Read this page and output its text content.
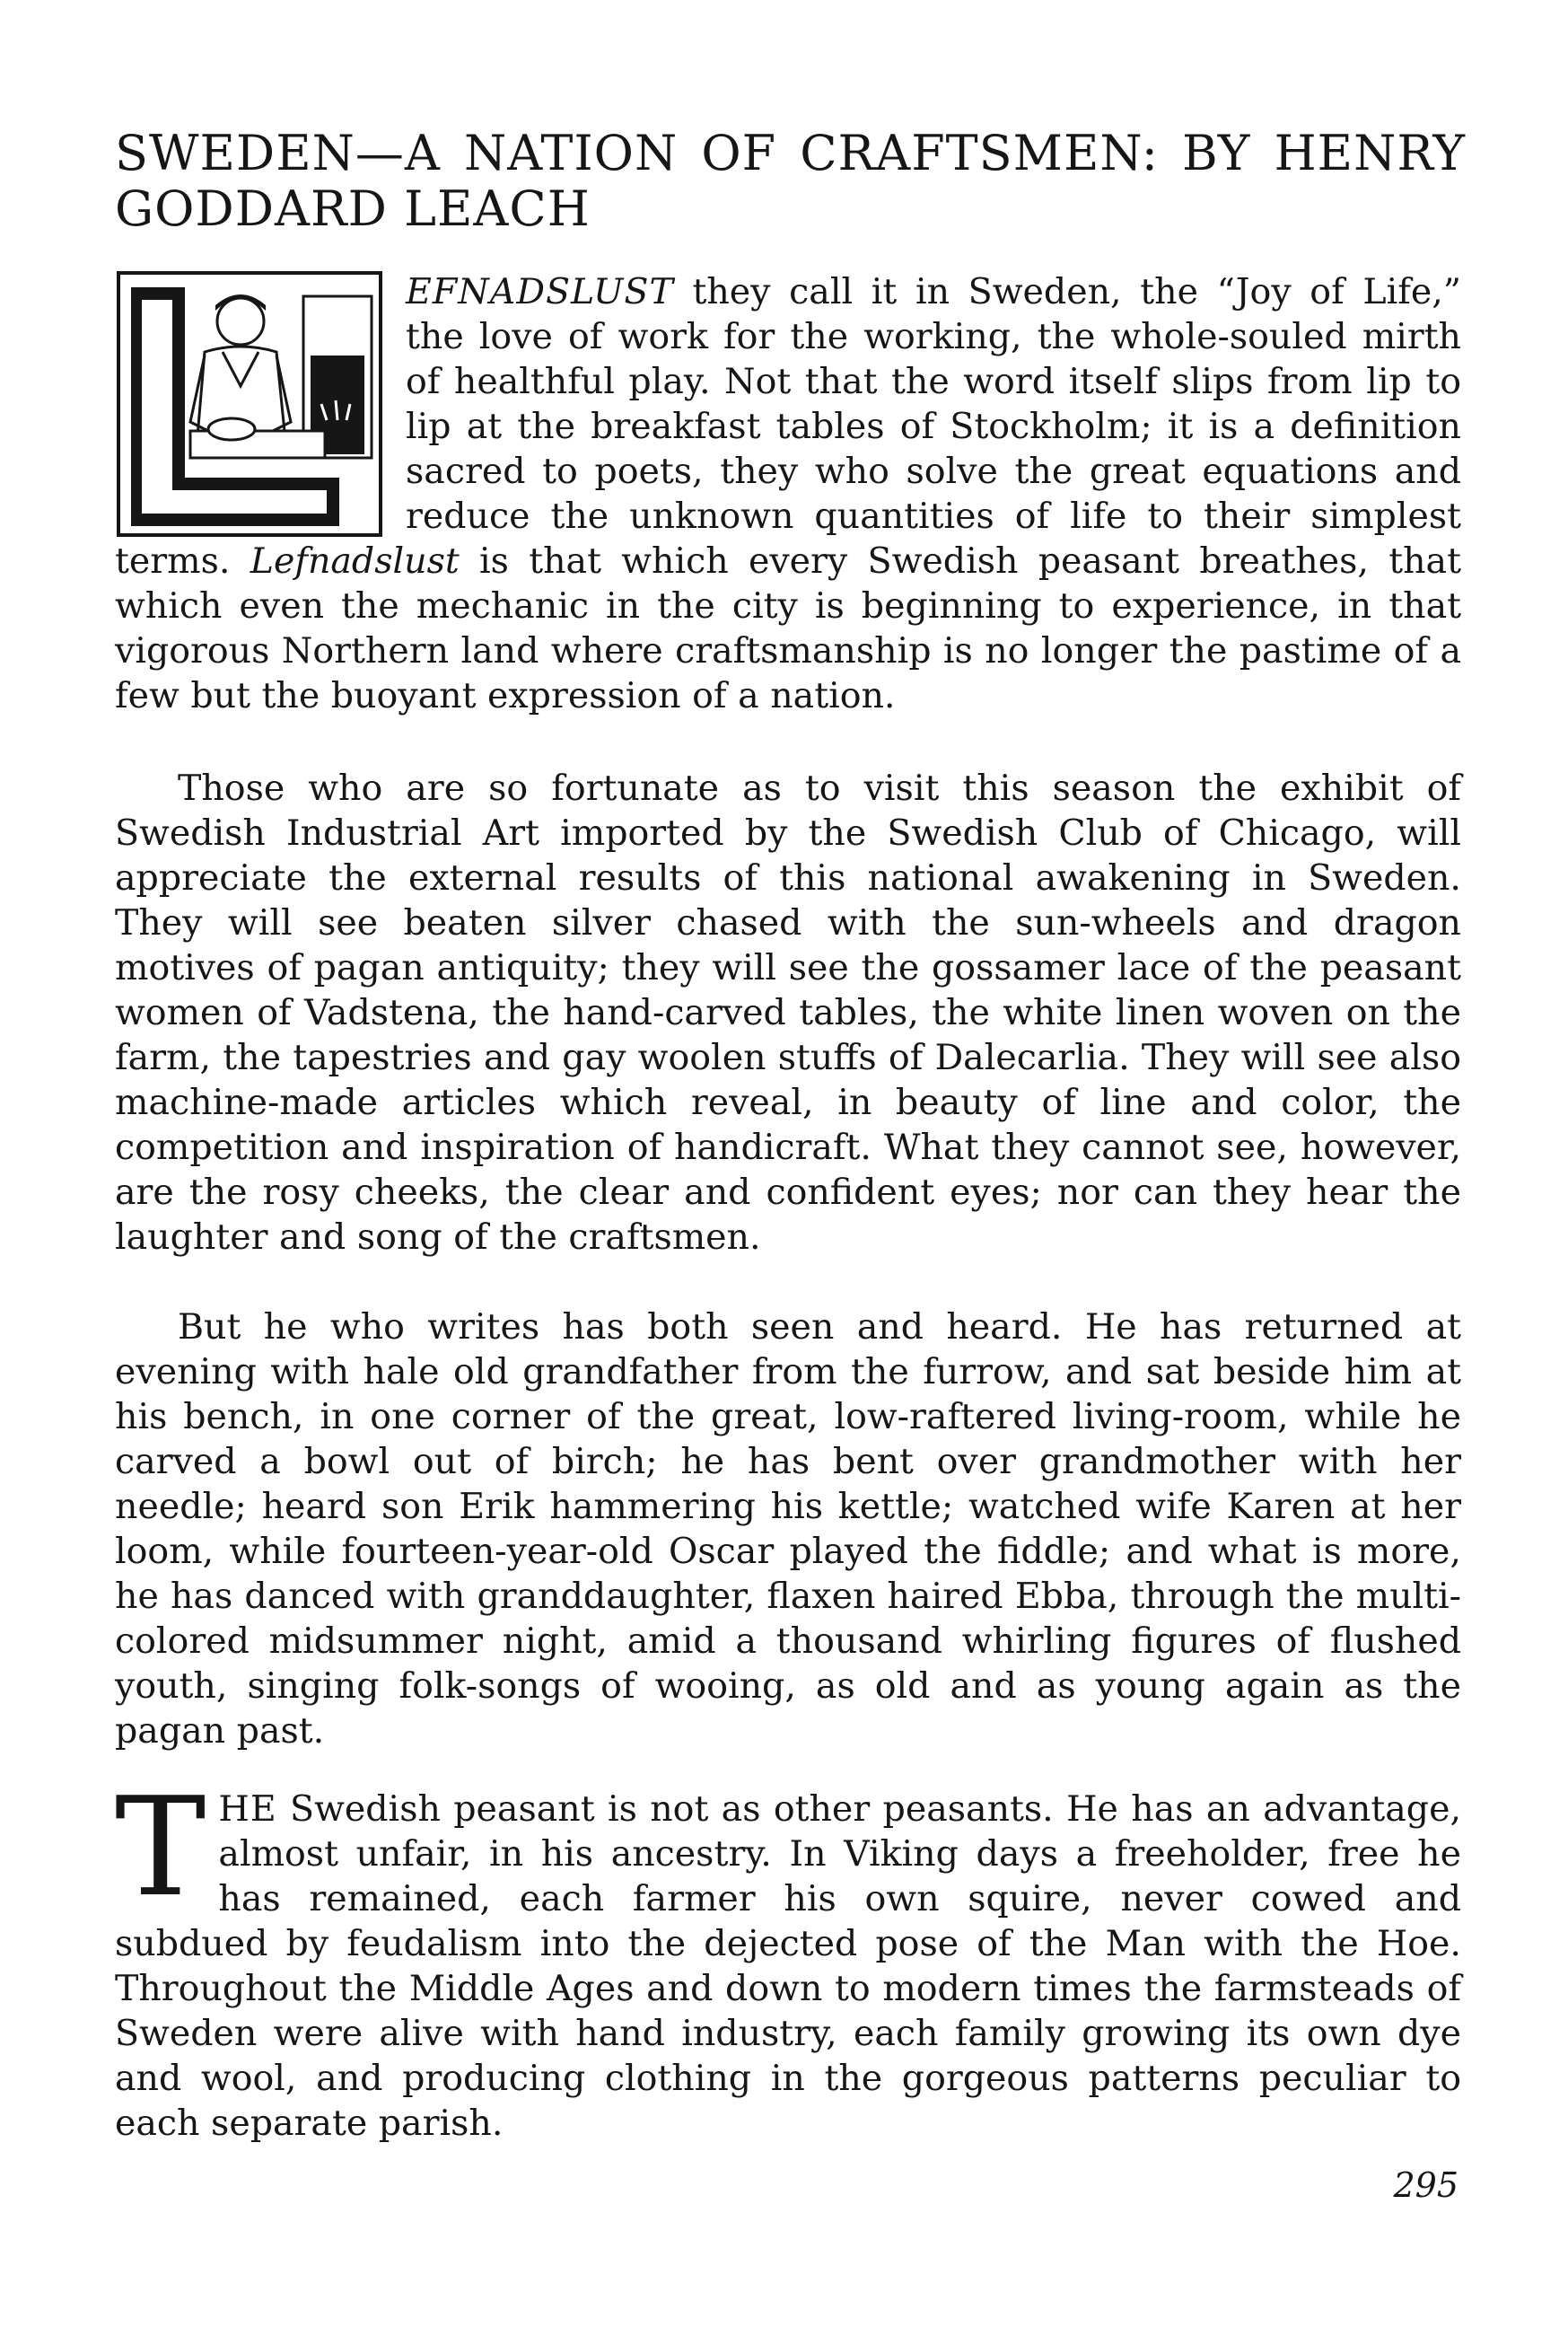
SWEDEN—A NATION OF CRAFTSMEN: BY HENRY GODDARD LEACH

EFNADSLUST they call it in Sweden, the “Joy of Life,” the love of work for the working, the whole-souled mirth of healthful play. Not that the word itself slips from lip to lip at the breakfast tables of Stockholm; it is a definition sacred to poets, they who solve the great equations and reduce the unknown quantities of life to their simplest terms. Lefnadslust is that which every Swedish peasant breathes, that which even the mechanic in the city is beginning to experience, in that vigorous Northern land where craftsmanship is no longer the pastime of a few but the buoyant expression of a nation.

Those who are so fortunate as to visit this season the exhibit of Swedish Industrial Art imported by the Swedish Club of Chicago, will appreciate the external results of this national awakening in Sweden. They will see beaten silver chased with the sun-wheels and dragon motives of pagan antiquity; they will see the gossamer lace of the peasant women of Vadstena, the hand-carved tables, the white linen woven on the farm, the tapestries and gay woolen stuffs of Dalecarlia. They will see also machine-made articles which reveal, in beauty of line and color, the competition and inspiration of handicraft. What they cannot see, however, are the rosy cheeks, the clear and confident eyes; nor can they hear the laughter and song of the craftsmen.

But he who writes has both seen and heard. He has returned at evening with hale old grandfather from the furrow, and sat beside him at his bench, in one corner of the great, low-raftered living-room, while he carved a bowl out of birch; he has bent over grandmother with her needle; heard son Erik hammering his kettle; watched wife Karen at her loom, while fourteen-year-old Oscar played the fiddle; and what is more, he has danced with granddaughter, flaxen haired Ebba, through the multi-colored midsummer night, amid a thousand whirling figures of flushed youth, singing folk-songs of wooing, as old and as young again as the pagan past.

THE Swedish peasant is not as other peasants. He has an advantage, almost unfair, in his ancestry. In Viking days a freeholder, free he has remained, each farmer his own squire, never cowed and subdued by feudalism into the dejected pose of the Man with the Hoe. Throughout the Middle Ages and down to modern times the farmsteads of Sweden were alive with hand industry, each family growing its own dye and wool, and producing clothing in the gorgeous patterns peculiar to each separate parish.

295
